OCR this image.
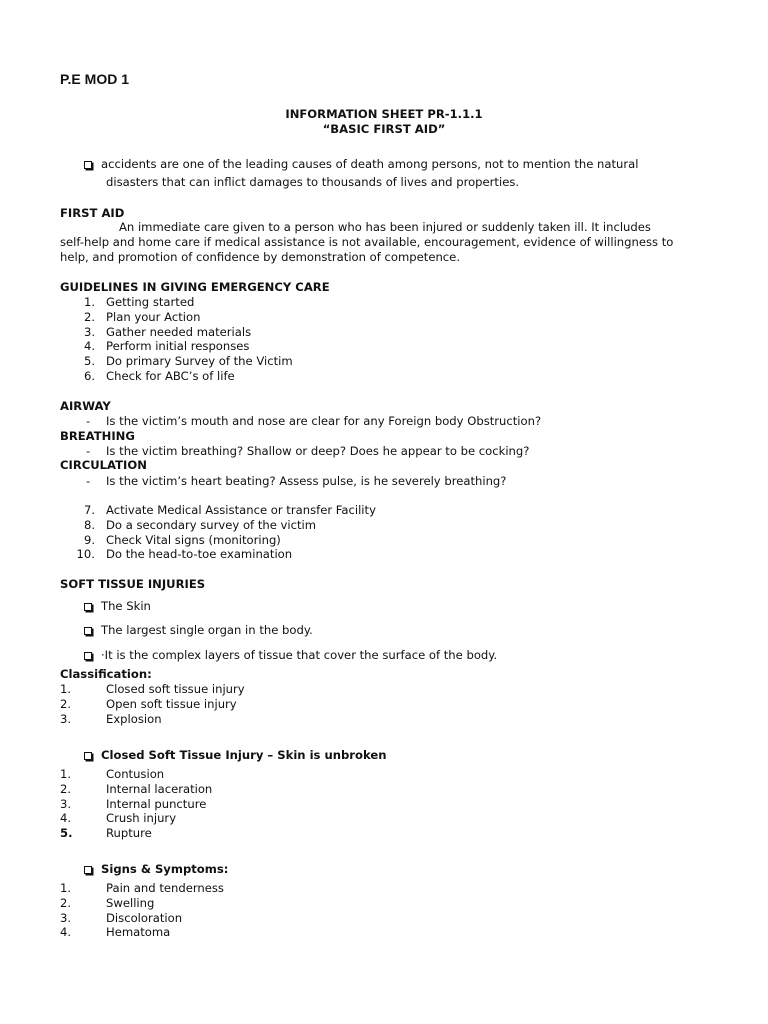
P.E MOD 1
INFORMATION SHEET PR-1.1.1
“BASIC FIRST AID”
accidents are one of the leading causes of death among persons, not to mention the natural
disasters that can inflict damages to thousands of lives and properties.
FIRST AID
An immediate care given to a person who has been injured or suddenly taken ill. It includes
self-help and home care if medical assistance is not available, encouragement, evidence of willingness to
help, and promotion of confidence by demonstration of competence.
GUIDELINES IN GIVING EMERGENCY CARE
1. Getting started
2. Plan your Action
3. Gather needed materials
4. Perform initial responses
5. Do primary Survey of the Victim
6. Check for ABC’s of life
AIRWAY
- Is the victim’s mouth and nose are clear for any Foreign body Obstruction?
BREATHING
- Is the victim breathing? Shallow or deep? Does he appear to be cocking?
CIRCULATION
- Is the victim’s heart beating? Assess pulse, is he severely breathing?
7. Activate Medical Assistance or transfer Facility
8. Do a secondary survey of the victim
9. Check Vital signs (monitoring)
10. Do the head-to-toe examination
SOFT TISSUE INJURIES
The Skin
The largest single organ in the body.
·It is the complex layers of tissue that cover the surface of the body.
Classification:
1.	Closed soft tissue injury
2.	Open soft tissue injury
3.	Explosion
Closed Soft Tissue Injury – Skin is unbroken
1.	Contusion
2.	Internal laceration
3.	Internal puncture
4.	Crush injury
5.	Rupture
Signs & Symptoms:
1.	Pain and tenderness
2.	Swelling
3.	Discoloration
4.	Hematoma
